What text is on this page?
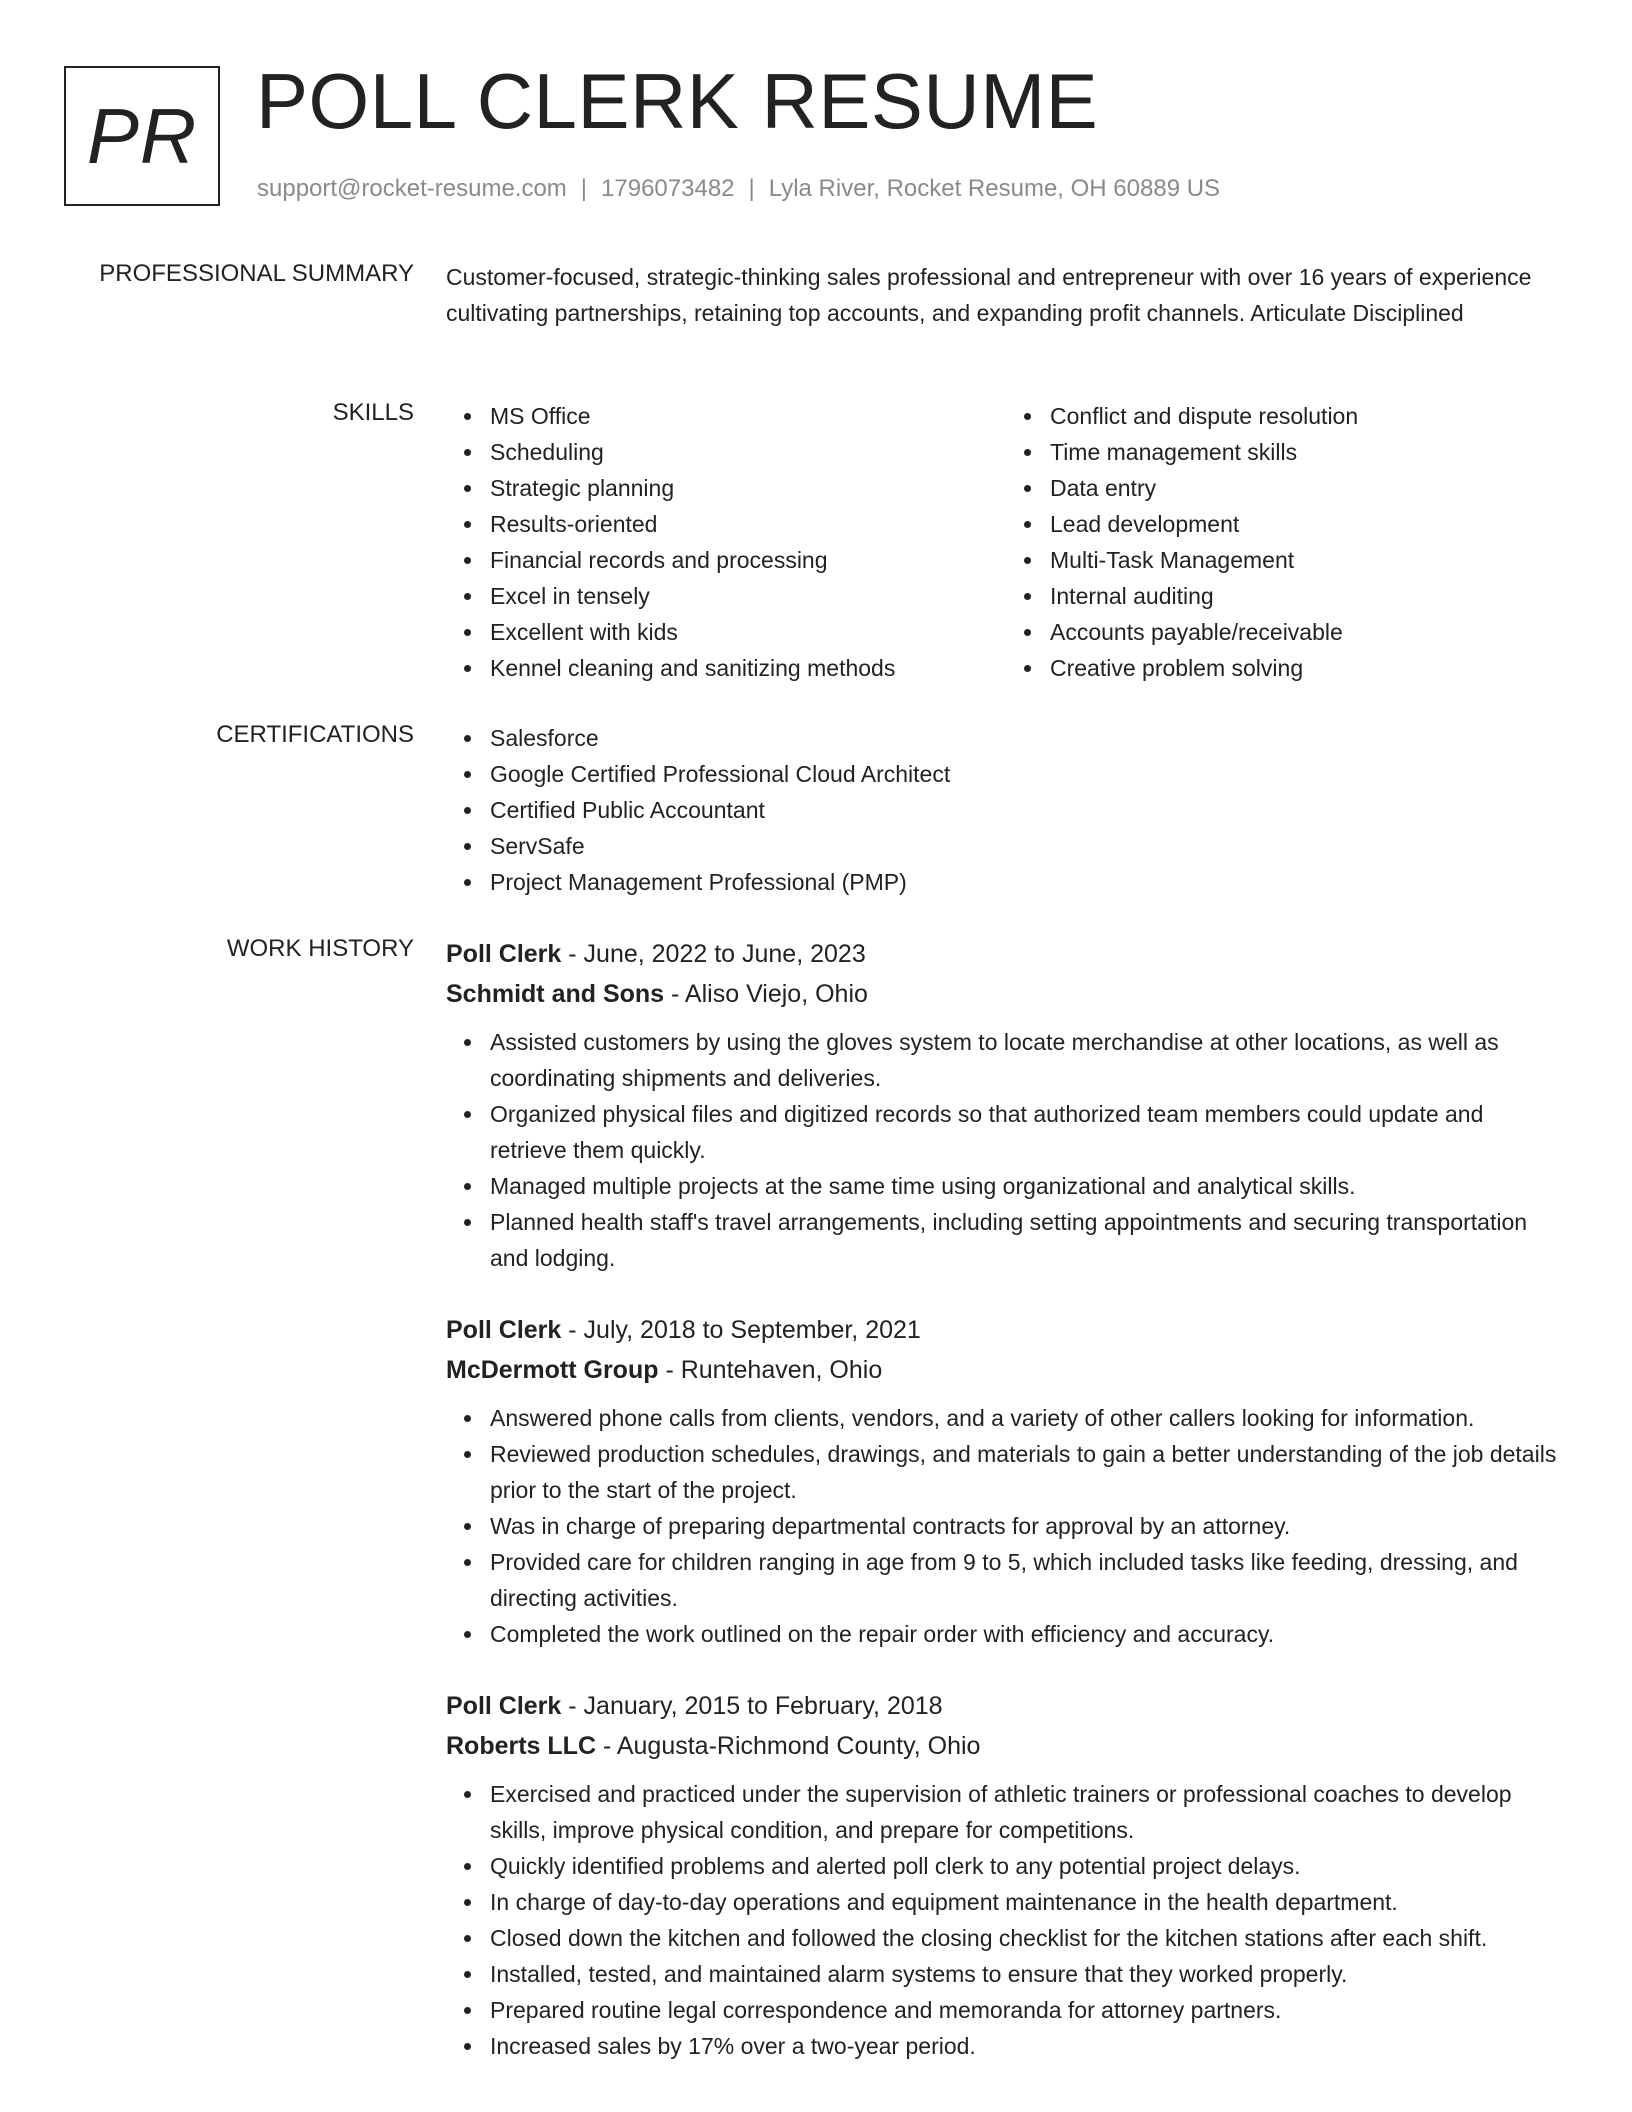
PR POLL CLERK RESUME
support@rocket-resume.com | 1796073482 | Lyla River, Rocket Resume, OH 60889 US
PROFESSIONAL SUMMARY Customer-focused, strategic-thinking sales professional and entrepreneur with over 16 years of experience cultivating partnerships, retaining top accounts, and expanding profit channels. Articulate Disciplined

SKILLS	MS Office
Scheduling
Strategic planning
Results-oriented
Financial records and processing
Excel in tensely
Excellent with kids
Kennel cleaning and sanitizing methods
Conflict and dispute resolution
Time management skills
Data entry
Lead development
Multi-Task Management
Internal auditing
Accounts payable/receivable
Creative problem solving
CERTIFICATIONS	Salesforce
Google Certified Professional Cloud Architect
Certified Public Accountant
ServSafe
Project Management Professional (PMP)
WORK HISTORY Poll Clerk - June, 2022 to June, 2023
Schmidt and Sons - Aliso Viejo, Ohio
Assisted customers by using the gloves system to locate merchandise at other locations, as well as coordinating shipments and deliveries.
Organized physical files and digitized records so that authorized team members could update and retrieve them quickly.
Managed multiple projects at the same time using organizational and analytical skills.
Planned health staff's travel arrangements, including setting appointments and securing transportation and lodging.
Poll Clerk - July, 2018 to September, 2021
McDermott Group - Runtehaven, Ohio
Answered phone calls from clients, vendors, and a variety of other callers looking for information.
Reviewed production schedules, drawings, and materials to gain a better understanding of the job details prior to the start of the project.
Was in charge of preparing departmental contracts for approval by an attorney.
Provided care for children ranging in age from 9 to 5, which included tasks like feeding, dressing, and directing activities.
Completed the work outlined on the repair order with efficiency and accuracy.
Poll Clerk - January, 2015 to February, 2018
Roberts LLC - Augusta-Richmond County, Ohio
Exercised and practiced under the supervision of athletic trainers or professional coaches to develop skills, improve physical condition, and prepare for competitions.
Quickly identified problems and alerted poll clerk to any potential project delays.
In charge of day-to-day operations and equipment maintenance in the health department.
Closed down the kitchen and followed the closing checklist for the kitchen stations after each shift.
Installed, tested, and maintained alarm systems to ensure that they worked properly.
Prepared routine legal correspondence and memoranda for attorney partners.
Increased sales by 17% over a two-year period.
